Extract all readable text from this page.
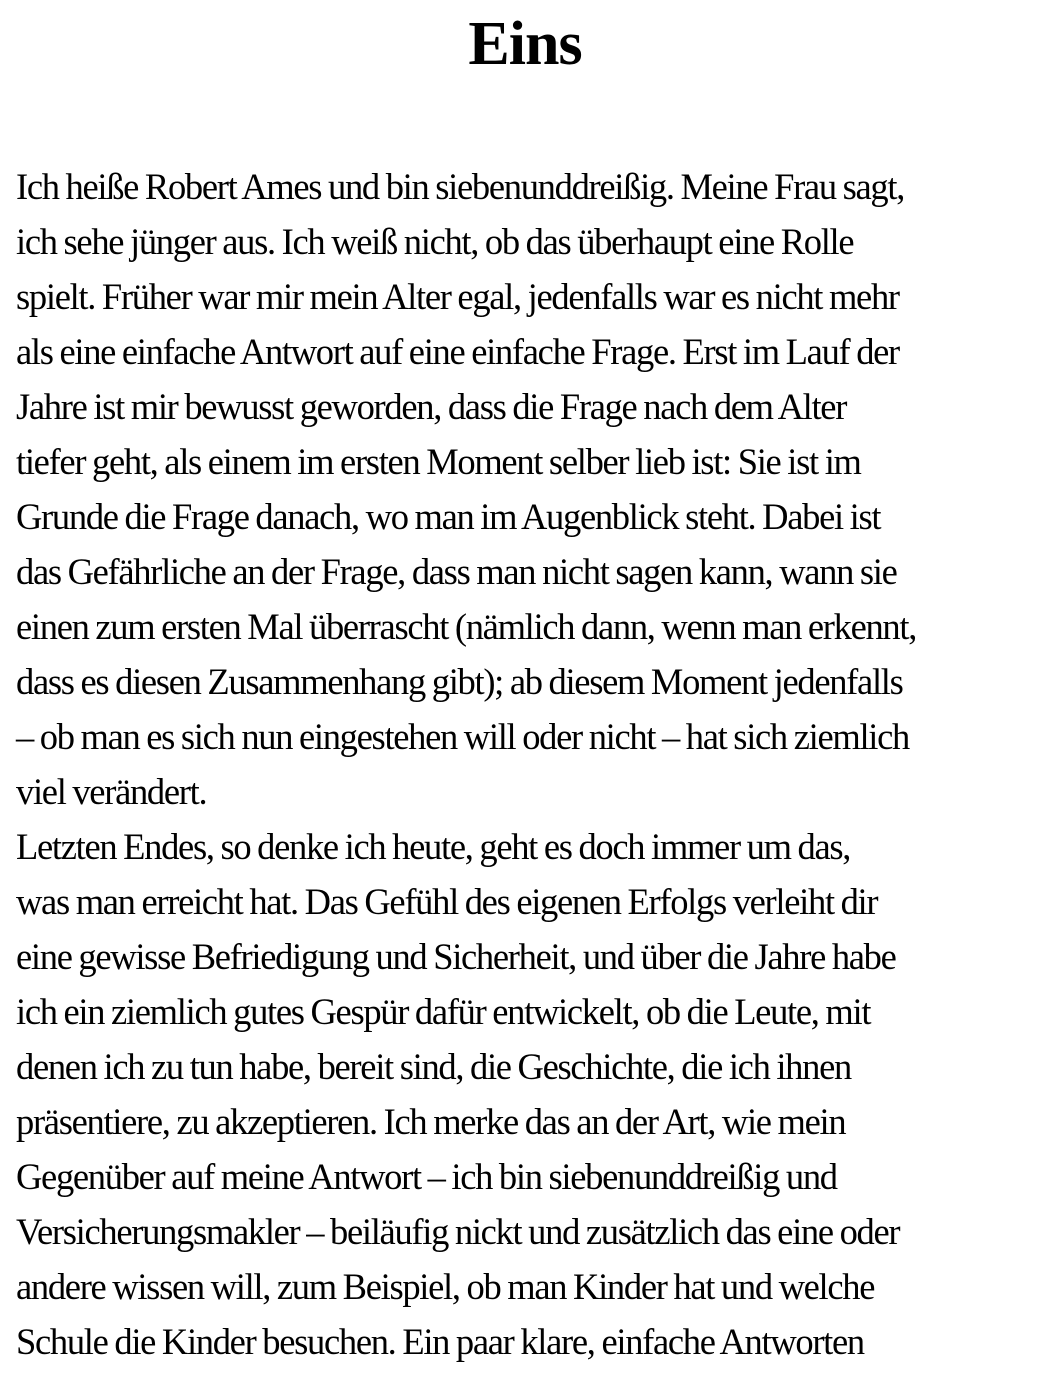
Eins
Ich heiße Robert Ames und bin siebenunddreißig. Meine Frau sagt,
ich sehe jünger aus. Ich weiß nicht, ob das überhaupt eine Rolle
spielt. Früher war mir mein Alter egal, jedenfalls war es nicht mehr
als eine einfache Antwort auf eine einfache Frage. Erst im Lauf der
Jahre ist mir bewusst geworden, dass die Frage nach dem Alter
tiefer geht, als einem im ersten Moment selber lieb ist: Sie ist im
Grunde die Frage danach, wo man im Augenblick steht. Dabei ist
das Gefährliche an der Frage, dass man nicht sagen kann, wann sie
einen zum ersten Mal überrascht (nämlich dann, wenn man erkennt,
dass es diesen Zusammenhang gibt); ab diesem Moment jedenfalls
– ob man es sich nun eingestehen will oder nicht – hat sich ziemlich
viel verändert.
Letzten Endes, so denke ich heute, geht es doch immer um das,
was man erreicht hat. Das Gefühl des eigenen Erfolgs verleiht dir
eine gewisse Befriedigung und Sicherheit, und über die Jahre habe
ich ein ziemlich gutes Gespür dafür entwickelt, ob die Leute, mit
denen ich zu tun habe, bereit sind, die Geschichte, die ich ihnen
präsentiere, zu akzeptieren. Ich merke das an der Art, wie mein
Gegenüber auf meine Antwort – ich bin siebenunddreißig und
Versicherungsmakler – beiläufig nickt und zusätzlich das eine oder
andere wissen will, zum Beispiel, ob man Kinder hat und welche
Schule die Kinder besuchen. Ein paar klare, einfache Antworten
